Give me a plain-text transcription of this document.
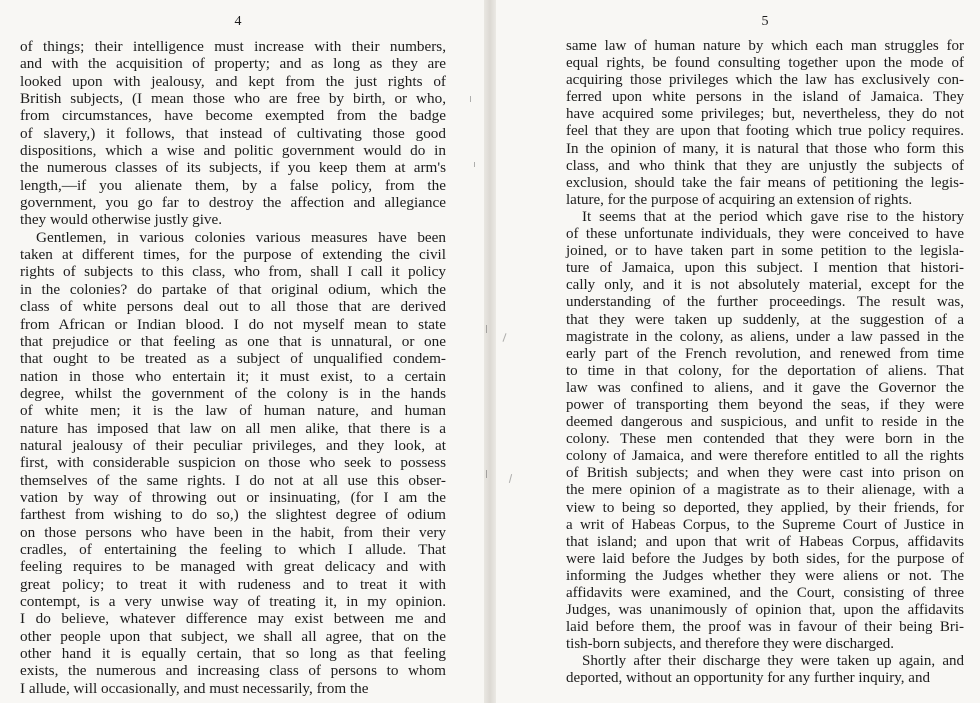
4
of things; their intelligence must increase with their numbers,
and with the acquisition of property; and as long as they are
looked upon with jealousy, and kept from the just rights of
British subjects, (I mean those who are free by birth, or who,
from circumstances, have become exempted from the badge
of slavery,) it follows, that instead of cultivating those good
dispositions, which a wise and politic government would do in
the numerous classes of its subjects, if you keep them at arm's
length,—if you alienate them, by a false policy, from the
government, you go far to destroy the affection and allegiance
they would otherwise justly give.
Gentlemen, in various colonies various measures have been
taken at different times, for the purpose of extending the civil
rights of subjects to this class, who from, shall I call it policy
in the colonies? do partake of that original odium, which the
class of white persons deal out to all those that are derived
from African or Indian blood. I do not myself mean to state
that prejudice or that feeling as one that is unnatural, or one
that ought to be treated as a subject of unqualified condem-
nation in those who entertain it; it must exist, to a certain
degree, whilst the government of the colony is in the hands
of white men; it is the law of human nature, and human
nature has imposed that law on all men alike, that there is a
natural jealousy of their peculiar privileges, and they look, at
first, with considerable suspicion on those who seek to possess
themselves of the same rights. I do not at all use this obser-
vation by way of throwing out or insinuating, (for I am the
farthest from wishing to do so,) the slightest degree of odium
on those persons who have been in the habit, from their very
cradles, of entertaining the feeling to which I allude. That
feeling requires to be managed with great delicacy and with
great policy; to treat it with rudeness and to treat it with
contempt, is a very unwise way of treating it, in my opinion.
I do believe, whatever difference may exist between me and
other people upon that subject, we shall all agree, that on the
other hand it is equally certain, that so long as that feeling
exists, the numerous and increasing class of persons to whom
I allude, will occasionally, and must necessarily, from the
5
same law of human nature by which each man struggles for
equal rights, be found consulting together upon the mode of
acquiring those privileges which the law has exclusively con-
ferred upon white persons in the island of Jamaica. They
have acquired some privileges; but, nevertheless, they do not
feel that they are upon that footing which true policy requires.
In the opinion of many, it is natural that those who form this
class, and who think that they are unjustly the subjects of
exclusion, should take the fair means of petitioning the legis-
lature, for the purpose of acquiring an extension of rights.
It seems that at the period which gave rise to the history
of these unfortunate individuals, they were conceived to have
joined, or to have taken part in some petition to the legisla-
ture of Jamaica, upon this subject. I mention that histori-
cally only, and it is not absolutely material, except for the
understanding of the further proceedings. The result was,
that they were taken up suddenly, at the suggestion of a
magistrate in the colony, as aliens, under a law passed in the
early part of the French revolution, and renewed from time
to time in that colony, for the deportation of aliens. That
law was confined to aliens, and it gave the Governor the
power of transporting them beyond the seas, if they were
deemed dangerous and suspicious, and unfit to reside in the
colony. These men contended that they were born in the
colony of Jamaica, and were therefore entitled to all the rights
of British subjects; and when they were cast into prison on
the mere opinion of a magistrate as to their alienage, with a
view to being so deported, they applied, by their friends, for
a writ of Habeas Corpus, to the Supreme Court of Justice in
that island; and upon that writ of Habeas Corpus, affidavits
were laid before the Judges by both sides, for the purpose of
informing the Judges whether they were aliens or not. The
affidavits were examined, and the Court, consisting of three
Judges, was unanimously of opinion that, upon the affidavits
laid before them, the proof was in favour of their being Bri-
tish-born subjects, and therefore they were discharged.
Shortly after their discharge they were taken up again, and
deported, without an opportunity for any further inquiry, and
